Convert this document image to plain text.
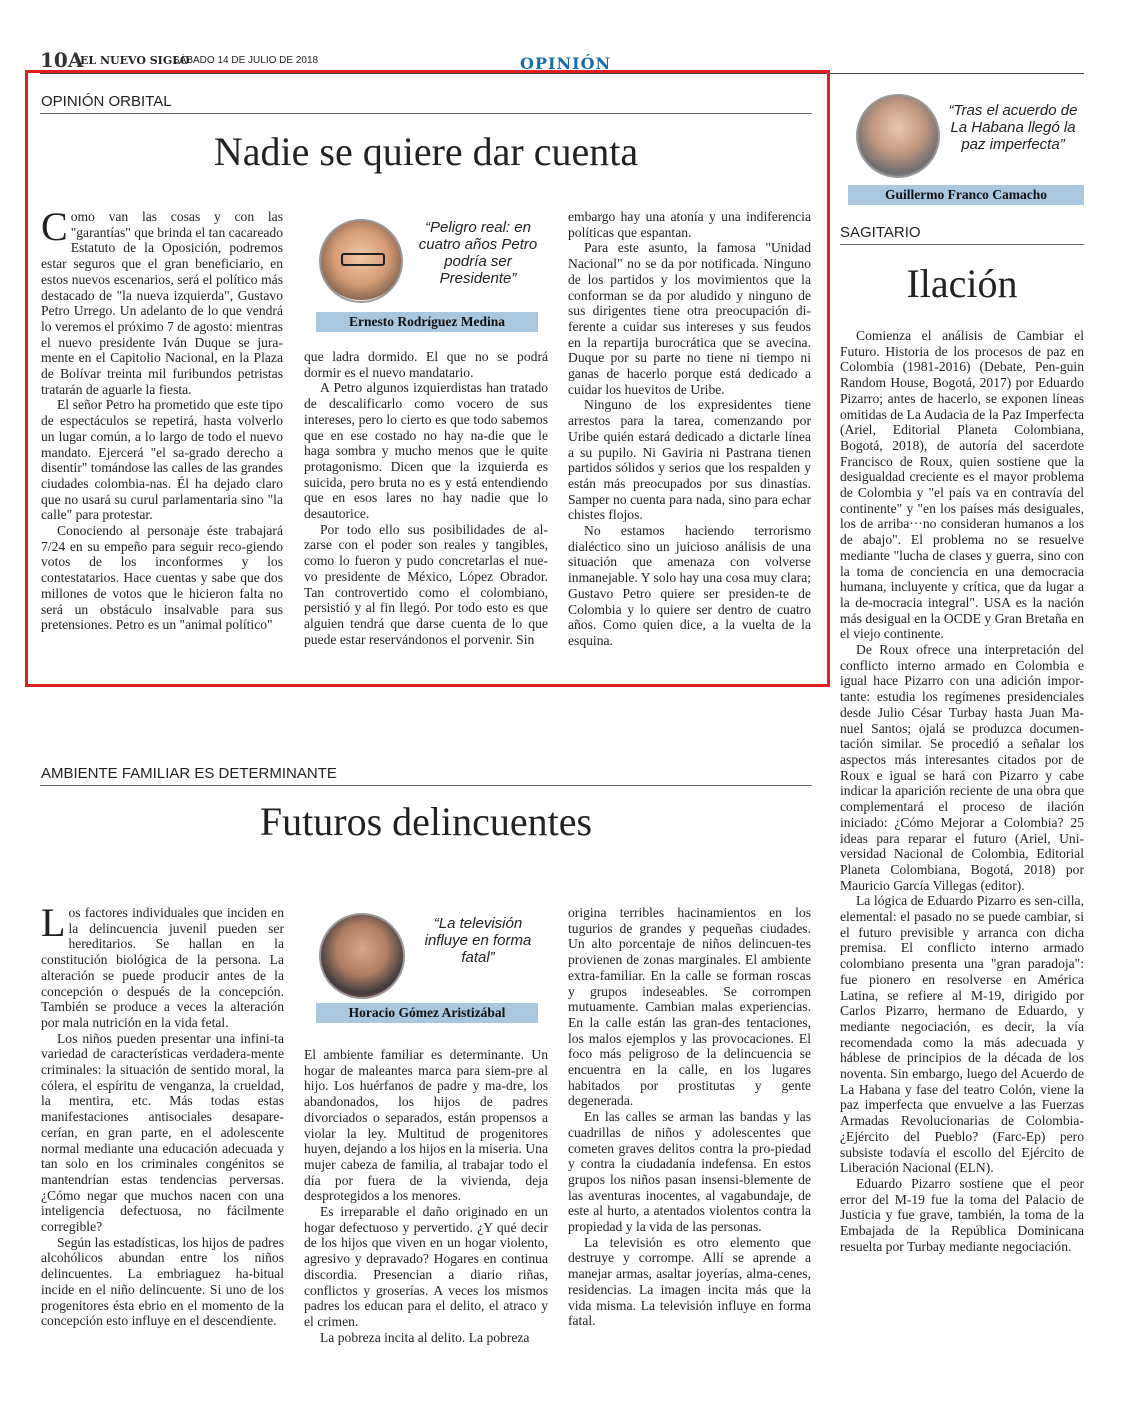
10A
EL NUEVO SIGLO
SÁBADO 14 DE JULIO DE 2018	OPINIÓN
OPINIÓN ORBITAL
Nadie se quiere dar cuenta
C omo van las cosas y con las "garantías" que brinda el tan cacareado Estatuto de la Oposición, podremos estar seguros que el gran beneficiario, en estos nuevos escenarios, será el político más destacado de "la nueva izquierda", Gustavo Petro Urrego. Un adelanto de lo que vendrá lo veremos el próximo 7 de agosto: mientras el nuevo presidente Iván Duque se jura-mente en el Capitolio Nacional, en la Plaza de Bolívar treinta mil furibundos petristas tratarán de aguarle la fiesta.

El señor Petro ha prometido que este tipo de espectáculos se repetirá, hasta volverlo un lugar común, a lo largo de todo el nuevo mandato. Ejercerá "el sa-grado derecho a disentir" tomándose las calles de las grandes ciudades colombia-nas. Él ha dejado claro que no usará su curul parlamentaria sino "la calle" para protestar.

Conociendo al personaje éste trabajará 7/24 en su empeño para seguir reco-giendo votos de los inconformes y los contestatarios. Hace cuentas y sabe que dos millones de votos que le hicieron falta no será un obstáculo insalvable para sus pretensiones. Petro es un "animal político"

“Peligro real: en cuatro años Petro podría ser Presidente”
Ernesto Rodríguez Medina

que ladra dormido. El que no se podrá dormir es el nuevo mandatario.

A Petro algunos izquierdistas han tratado de descalificarlo como vocero de sus intereses, pero lo cierto es que todo sabemos que en ese costado no hay na-die que le haga sombra y mucho menos que le quite protagonismo. Dicen que la izquierda es suicida, pero bruta no es y está entendiendo que en esos lares no hay nadie que lo desautorice.

Por todo ello sus posibilidades de al-zarse con el poder son reales y tangibles, como lo fueron y pudo concretarlas el nue-vo presidente de México, López Obrador. Tan controvertido como el colombiano, persistió y al fin llegó. Por todo esto es que alguien tendrá que darse cuenta de lo que puede estar reservándonos el porvenir. Sin

embargo hay una atonía y una indiferencia políticas que espantan.

Para este asunto, la famosa "Unidad Nacional" no se da por notificada. Ninguno de los partidos y los movimientos que la conforman se da por aludido y ninguno de sus dirigentes tiene otra preocupación di-ferente a cuidar sus intereses y sus feudos en la repartija burocrática que se avecina. Duque por su parte no tiene ni tiempo ni ganas de hacerlo porque está dedicado a cuidar los huevitos de Uribe.

Ninguno de los expresidentes tiene arrestos para la tarea, comenzando por Uribe quién estará dedicado a dictarle línea a su pupilo. Ni Gaviria ni Pastrana tienen partidos sólidos y serios que los respalden y están más preocupados por sus dinastías. Samper no cuenta para nada, sino para echar chistes flojos.

No estamos haciendo terrorismo dialéctico sino un juicioso análisis de una situación que amenaza con volverse inmanejable. Y solo hay una cosa muy clara; Gustavo Petro quiere ser presiden-te de Colombia y lo quiere ser dentro de cuatro años. Como quien dice, a la vuelta de la esquina.

AMBIENTE FAMILIAR ES DETERMINANTE
Futuros delincuentes
L os factores individuales que inciden en la delincuencia juvenil pueden ser hereditarios. Se hallan en la constitución biológica de la persona. La alteración se puede producir antes de la concepción o después de la concepción. También se produce a veces la alteración por mala nutrición en la vida fetal.

Los niños pueden presentar una infini-ta variedad de características verdadera-mente criminales: la situación de sentido moral, la cólera, el espíritu de venganza, la crueldad, la mentira, etc. Más todas estas manifestaciones antisociales desapare-cerían, en gran parte, en el adolescente normal mediante una educación adecuada y tan solo en los criminales congénitos se mantendrían estas tendencias perversas. ¿Cómo negar que muchos nacen con una inteligencia defectuosa, no fácilmente corregible?

Según las estadísticas, los hijos de padres alcohólicos abundan entre los niños delincuentes. La embriaguez ha-bitual incide en el niño delincuente. Si uno de los progenitores ésta ebrio en el momento de la concepción esto influye en el descendiente.

“La televisión influye en forma fatal”
Horacio Gómez Aristizábal

El ambiente familiar es determinante. Un hogar de maleantes marca para siem-pre al hijo. Los huérfanos de padre y ma-dre, los abandonados, los hijos de padres divorciados o separados, están propensos a violar la ley. Multitud de progenitores huyen, dejando a los hijos en la miseria. Una mujer cabeza de familia, al trabajar todo el día por fuera de la vivienda, deja desprotegidos a los menores.

Es irreparable el daño originado en un hogar defectuoso y pervertido. ¿Y qué decir de los hijos que viven en un hogar violento, agresivo y depravado? Hogares en continua discordia. Presencian a diario riñas, conflictos y groserías. A veces los mismos padres los educan para el delito, el atraco y el crimen.

La pobreza incita al delito. La pobreza

origina terribles hacinamientos en los tugurios de grandes y pequeñas ciudades. Un alto porcentaje de niños delincuen-tes provienen de zonas marginales. El ambiente extra-familiar. En la calle se forman roscas y grupos indeseables. Se corrompen mutuamente. Cambian malas experiencias. En la calle están las gran-des tentaciones, los malos ejemplos y las provocaciones. El foco más peligroso de la delincuencia se encuentra en la calle, en los lugares habitados por prostitutas y gente degenerada.

En las calles se arman las bandas y las cuadrillas de niños y adolescentes que cometen graves delitos contra la pro-piedad y contra la ciudadanía indefensa. En estos grupos los niños pasan insensi-blemente de las aventuras inocentes, al vagabundaje, de este al hurto, a atentados violentos contra la propiedad y la vida de las personas.

La televisión es otro elemento que destruye y corrompe. Allí se aprende a manejar armas, asaltar joyerías, alma-cenes, residencias. La imagen incita más que la vida misma. La televisión influye en forma fatal.

“Tras el acuerdo de La Habana llegó la paz imperfecta”
Guillermo Franco Camacho
SAGITARIO
Ilación

Comienza el análisis de Cambiar el Futuro. Historia de los procesos de paz en Colombia (1981-2016) (Debate, Pen-guin Random House, Bogotá, 2017) por Eduardo Pizarro; antes de hacerlo, se exponen líneas omitidas de La Audacia de la Paz Imperfecta (Ariel, Editorial Planeta Colombiana, Bogotá, 2018), de autoría del sacerdote Francisco de Roux, quien sostiene que la desigualdad creciente es el mayor problema de Colombia y "el país va en contravía del continente" y "en los países más desiguales, los de arriba···no consideran humanos a los de abajo". El problema no se resuelve mediante "lucha de clases y guerra, sino con la toma de conciencia en una democracia humana, incluyente y crítica, que da lugar a la de-mocracia integral". USA es la nación más desigual en la OCDE y Gran Bretaña en el viejo continente.

De Roux ofrece una interpretación del conflicto interno armado en Colombia e igual hace Pizarro con una adición impor-tante: estudia los regímenes presidenciales desde Julio César Turbay hasta Juan Ma-nuel Santos; ojalá se produzca documen-tación similar. Se procedió a señalar los aspectos más interesantes citados por de Roux e igual se hará con Pizarro y cabe indicar la aparición reciente de una obra que complementará el proceso de ilación iniciado: ¿Cómo Mejorar a Colombia? 25 ideas para reparar el futuro (Ariel, Uni-versidad Nacional de Colombia, Editorial Planeta Colombiana, Bogotá, 2018) por Mauricio García Villegas (editor).

La lógica de Eduardo Pizarro es sen-cilla, elemental: el pasado no se puede cambiar, si el futuro previsible y arranca con dicha premisa. El conflicto interno armado colombiano presenta una "gran paradoja": fue pionero en resolverse en América Latina, se refiere al M-19, dirigido por Carlos Pizarro, hermano de Eduardo, y mediante negociación, es decir, la vía recomendada como la más adecuada y háblese de principios de la década de los noventa. Sin embargo, luego del Acuerdo de La Habana y fase del teatro Colón, viene la paz imperfecta que envuelve a las Fuerzas Armadas Revolucionarias de Colombia- ¿Ejército del Pueblo? (Farc-Ep) pero subsiste todavía el escollo del Ejército de Liberación Nacional (ELN).

Eduardo Pizarro sostiene que el peor error del M-19 fue la toma del Palacio de Justicia y fue grave, también, la toma de la Embajada de la República Dominicana resuelta por Turbay mediante negociación.
